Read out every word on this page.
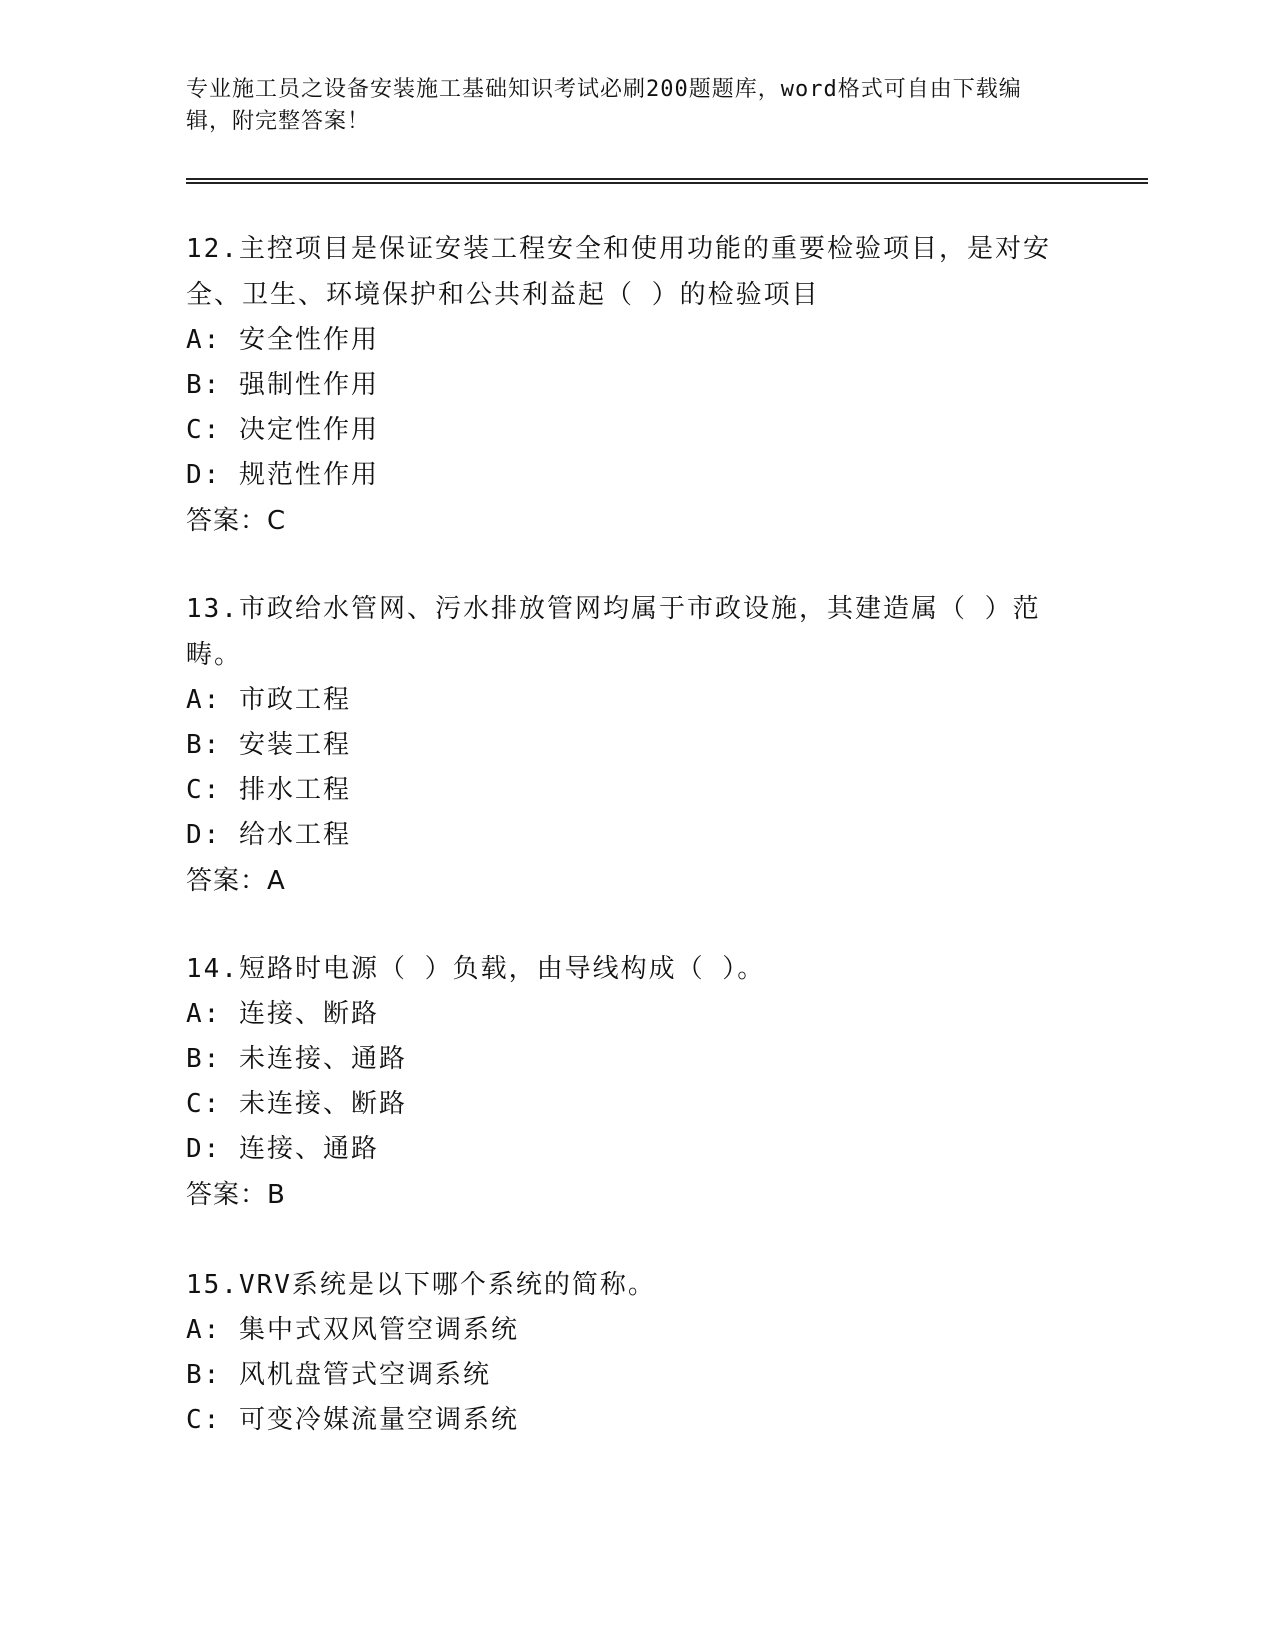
专业施工员之设备安装施工基础知识考试必刷200题题库，word格式可自由下载编辑，附完整答案！
12.主控项目是保证安装工程安全和使用功能的重要检验项目，是对安全、卫生、环境保护和公共利益起（ ）的检验项目
A: 安全性作用
B: 强制性作用
C: 决定性作用
D: 规范性作用
答案：C
13.市政给水管网、污水排放管网均属于市政设施，其建造属（ ）范畴。
A: 市政工程
B: 安装工程
C: 排水工程
D: 给水工程
答案：A
14.短路时电源（ ）负载，由导线构成（ ）。
A: 连接、断路
B: 未连接、通路
C: 未连接、断路
D: 连接、通路
答案：B
15.VRV系统是以下哪个系统的简称。
A: 集中式双风管空调系统
B: 风机盘管式空调系统
C: 可变冷媒流量空调系统
